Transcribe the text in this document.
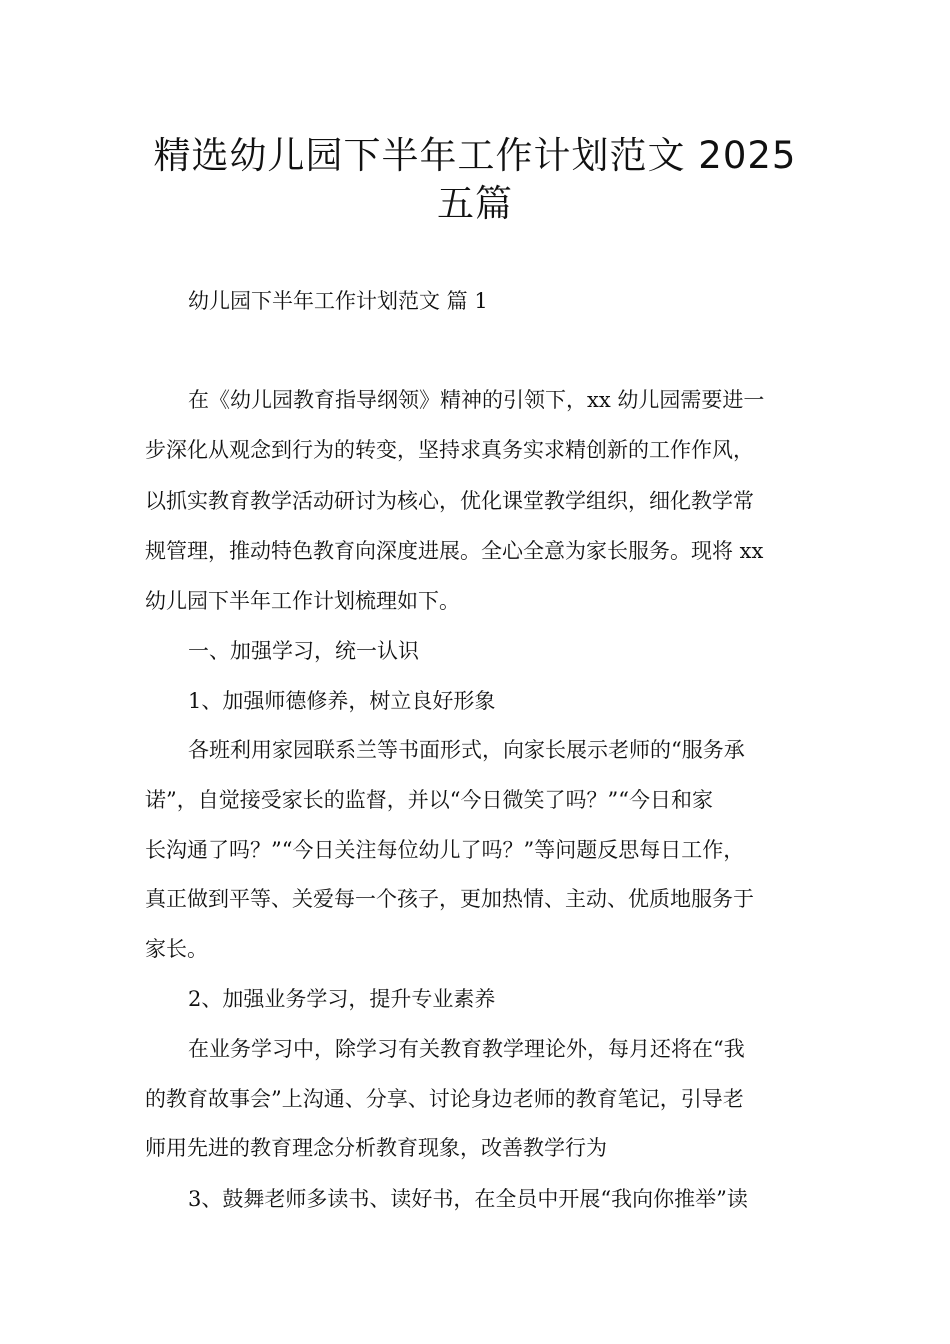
精选幼儿园下半年工作计划范文 2025
五篇

幼儿园下半年工作计划范文 篇 1

在《幼儿园教育指导纲领》精神的引领下，xx 幼儿园需要进一

步深化从观念到行为的转变，坚持求真务实求精创新的工作作风，

以抓实教育教学活动研讨为核心，优化课堂教学组织，细化教学常

规管理，推动特色教育向深度进展。全心全意为家长服务。现将 xx

幼儿园下半年工作计划梳理如下。

一、加强学习，统一认识

1、加强师德修养，树立良好形象

各班利用家园联系兰等书面形式，向家长展示老师的“服务承

诺”，自觉接受家长的监督，并以“今日微笑了吗？”“今日和家

长沟通了吗？”“今日关注每位幼儿了吗？”等问题反思每日工作，

真正做到平等、关爱每一个孩子，更加热情、主动、优质地服务于

家长。

2、加强业务学习，提升专业素养

在业务学习中，除学习有关教育教学理论外，每月还将在“我

的教育故事会”上沟通、分享、讨论身边老师的教育笔记，引导老

师用先进的教育理念分析教育现象，改善教学行为

3、鼓舞老师多读书、读好书，在全员中开展“我向你推举”读
